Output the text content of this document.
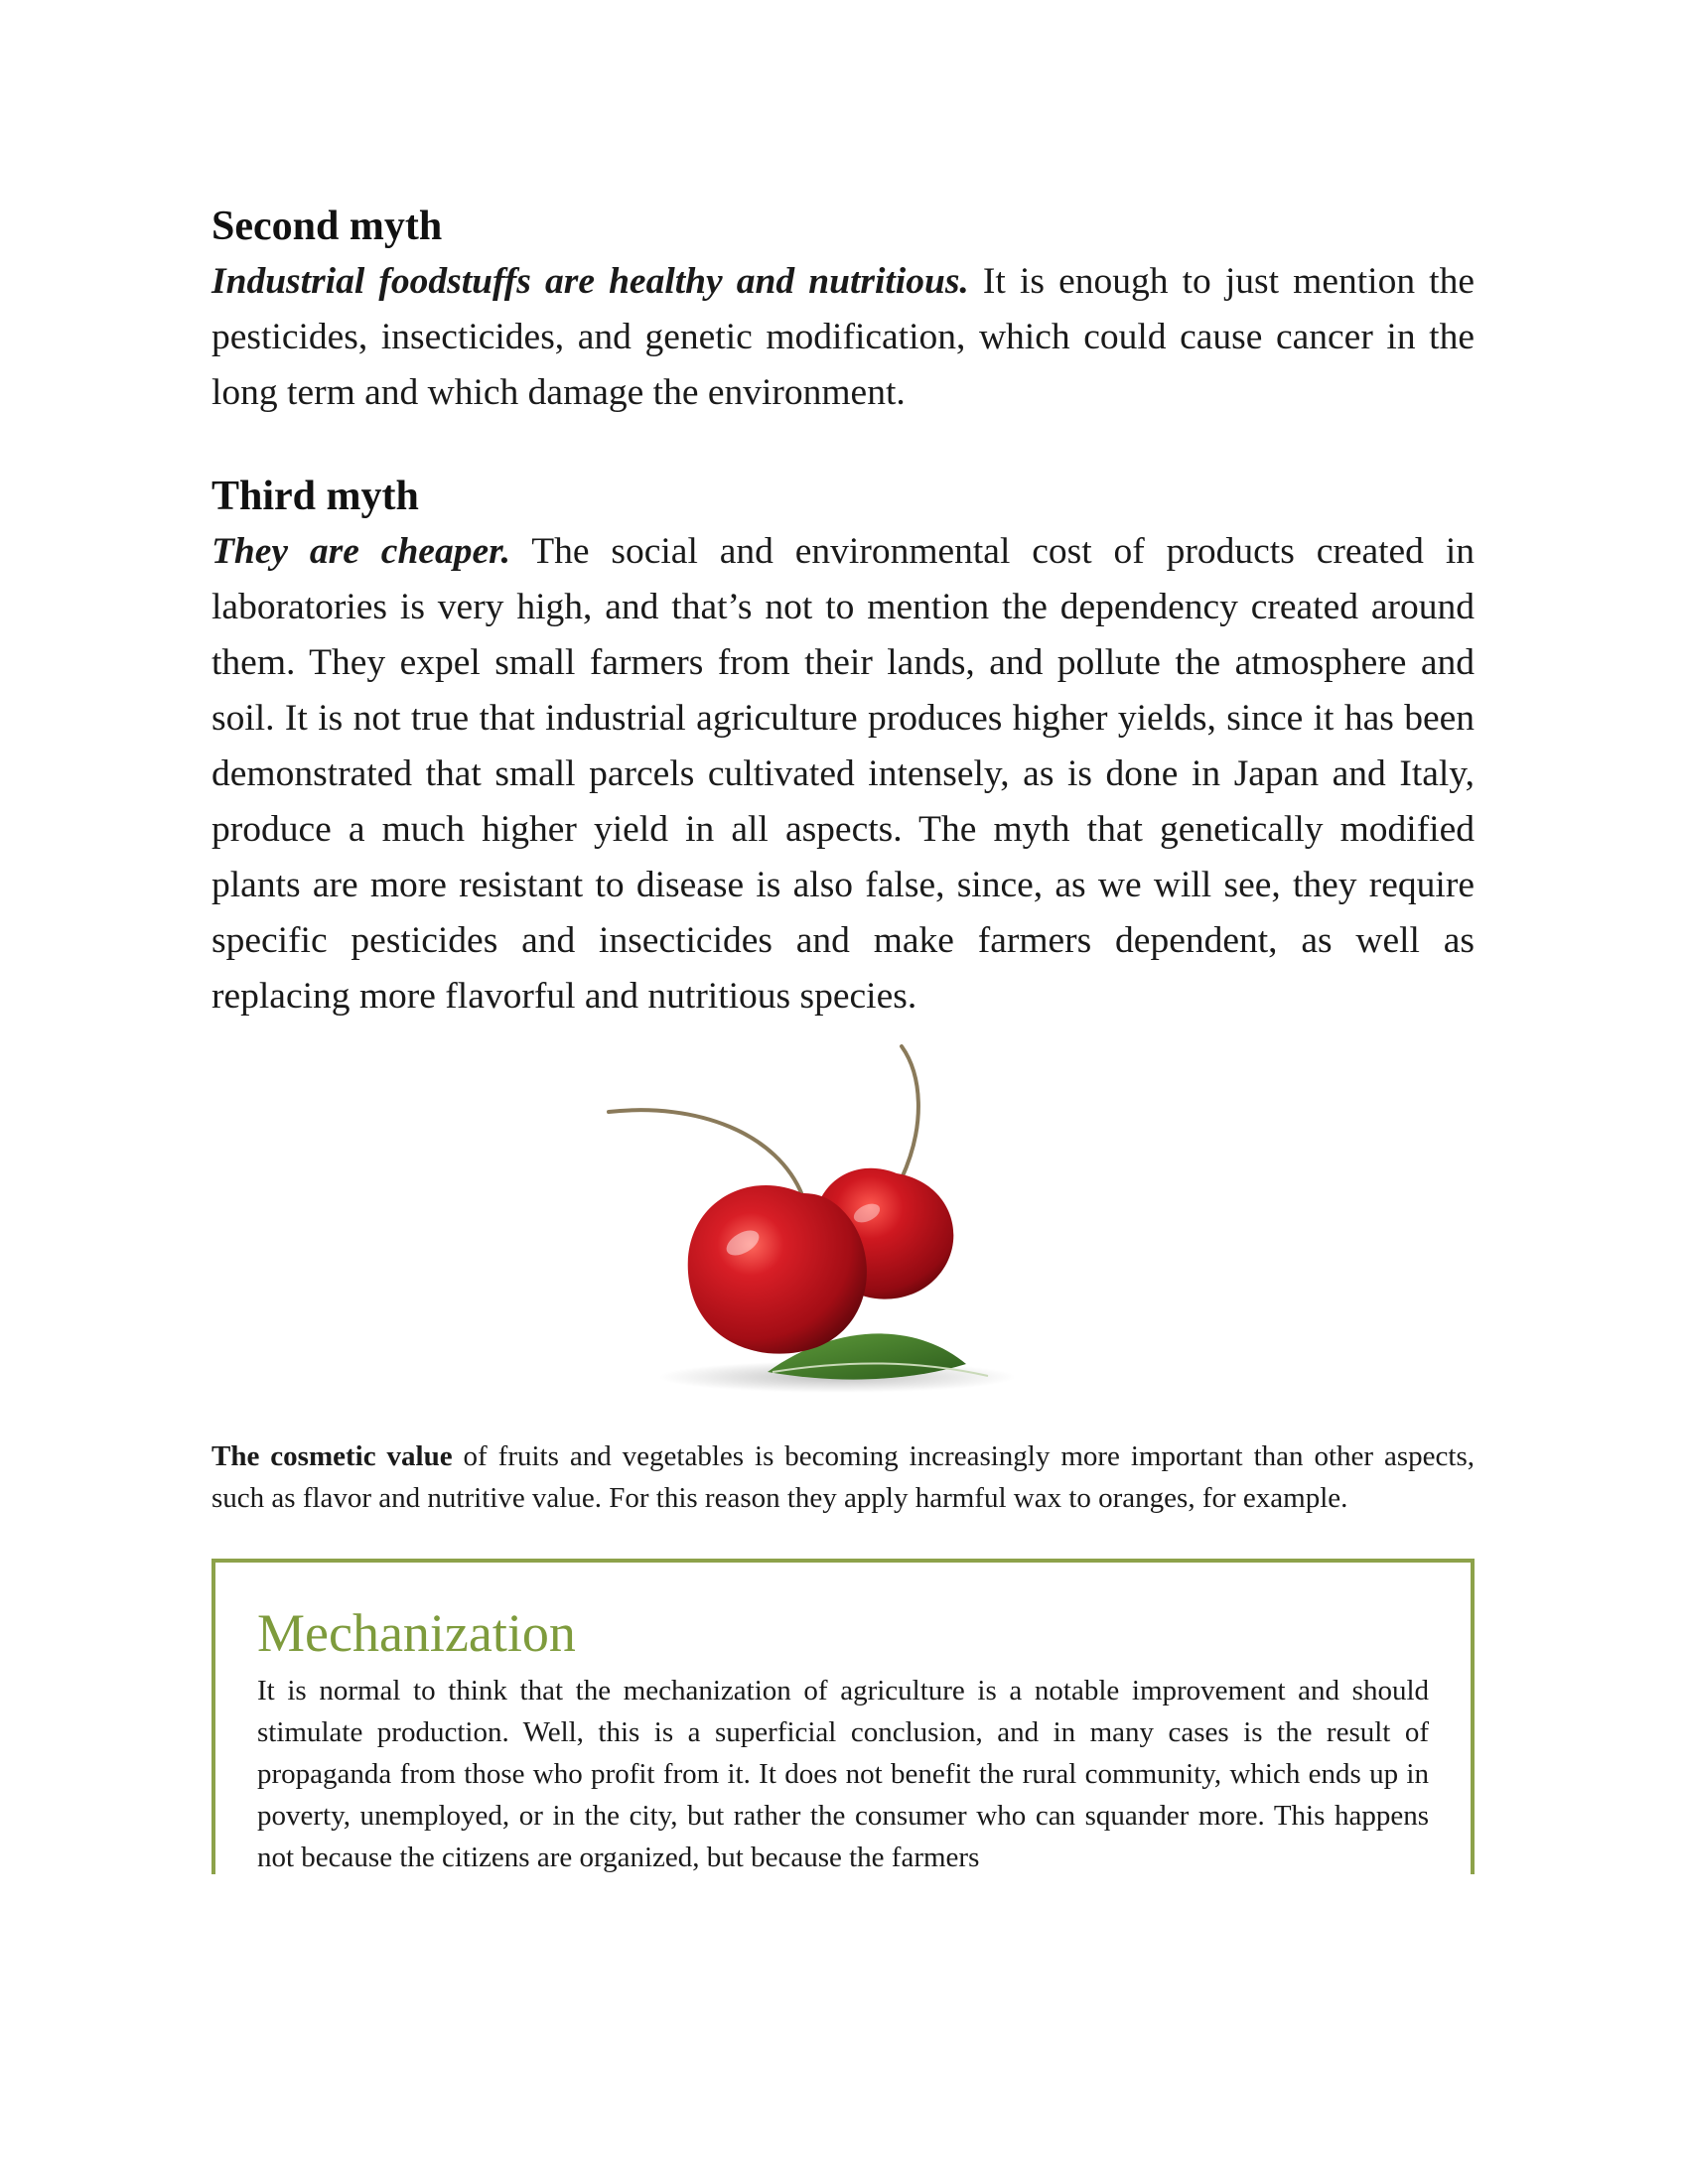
Second myth

Industrial foodstuffs are healthy and nutritious. It is enough to just mention the pesticides, insecticides, and genetic modification, which could cause cancer in the long term and which damage the environment.

Third myth

They are cheaper. The social and environmental cost of products created in laboratories is very high, and that’s not to mention the dependency created around them. They expel small farmers from their lands, and pollute the atmosphere and soil. It is not true that industrial agriculture produces higher yields, since it has been demonstrated that small parcels cultivated intensely, as is done in Japan and Italy, produce a much higher yield in all aspects. The myth that genetically modified plants are more resistant to disease is also false, since, as we will see, they require specific pesticides and insecticides and make farmers dependent, as well as replacing more flavorful and nutritious species.

The cosmetic value of fruits and vegetables is becoming increasingly more important than other aspects, such as flavor and nutritive value. For this reason they apply harmful wax to oranges, for example.

Mechanization

It is normal to think that the mechanization of agriculture is a notable improvement and should stimulate production. Well, this is a superficial conclusion, and in many cases is the result of propaganda from those who profit from it. It does not benefit the rural community, which ends up in poverty, unemployed, or in the city, but rather the consumer who can squander more. This happens not because the citizens are organized, but because the farmers
